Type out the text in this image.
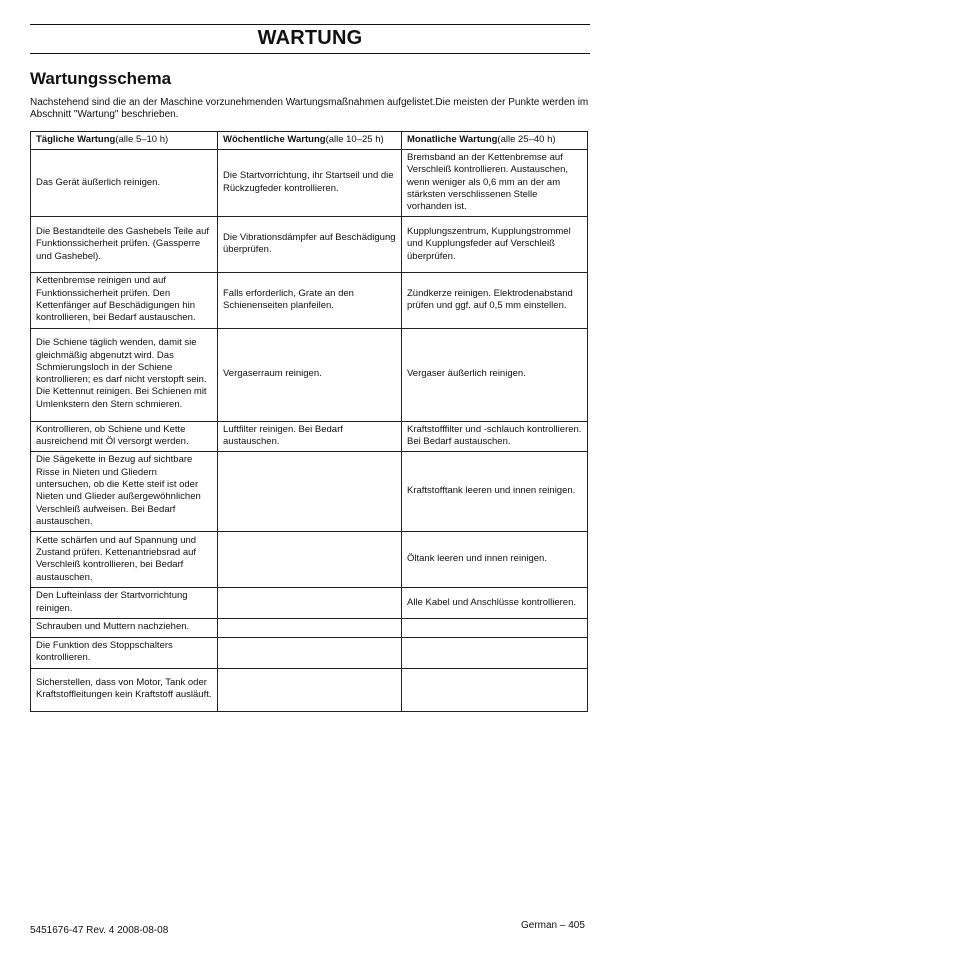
WARTUNG
Wartungsschema
Nachstehend sind die an der Maschine vorzunehmenden Wartungsmaßnahmen aufgelistet.Die meisten der Punkte werden im Abschnitt "Wartung" beschrieben.
Tägliche Wartung(alle 5–10 h)	Wöchentliche Wartung(alle 10–25 h)	Monatliche Wartung(alle 25–40 h)
Das Gerät äußerlich reinigen.	Die Startvorrichtung, ihr Startseil und die Rückzugfeder kontrollieren.	Bremsband an der Kettenbremse auf Verschleiß kontrollieren. Austauschen, wenn weniger als 0,6 mm an der am stärksten verschlissenen Stelle vorhanden ist.
Die Bestandteile des Gashebels Teile auf Funktionssicherheit prüfen. (Gassperre und Gashebel).	Die Vibrationsdämpfer auf Beschädigung überprüfen.	Kupplungszentrum, Kupplungstrommel und Kupplungsfeder auf Verschleiß überprüfen.
Kettenbremse reinigen und auf Funktionssicherheit prüfen. Den Kettenfänger auf Beschädigungen hin kontrollieren, bei Bedarf austauschen.	Falls erforderlich, Grate an den Schienenseiten planfeilen.	Zündkerze reinigen. Elektrodenabstand prüfen und ggf. auf 0,5 mm einstellen.
Die Schiene täglich wenden, damit sie gleichmäßig abgenutzt wird. Das Schmierungsloch in der Schiene kontrollieren; es darf nicht verstopft sein. Die Kettennut reinigen. Bei Schienen mit Umlenkstern den Stern schmieren.	Vergaserraum reinigen.	Vergaser äußerlich reinigen.
Kontrollieren, ob Schiene und Kette ausreichend mit Öl versorgt werden.	Luftfilter reinigen. Bei Bedarf austauschen.	Kraftstofffilter und -schlauch kontrollieren. Bei Bedarf austauschen.
Die Sägekette in Bezug auf sichtbare Risse in Nieten und Gliedern untersuchen, ob die Kette steif ist oder Nieten und Glieder außergewöhnlichen Verschleiß aufweisen. Bei Bedarf austauschen.		Kraftstofftank leeren und innen reinigen.
Kette schärfen und auf Spannung und Zustand prüfen. Kettenantriebsrad auf Verschleiß kontrollieren, bei Bedarf austauschen.		Öltank leeren und innen reinigen.
Den Lufteinlass der Startvorrichtung reinigen.		Alle Kabel und Anschlüsse kontrollieren.
Schrauben und Muttern nachziehen.		
Die Funktion des Stoppschalters kontrollieren.		
Sicherstellen, dass von Motor, Tank oder Kraftstoffleitungen kein Kraftstoff ausläuft.		
5451676-47 Rev. 4 2008-08-08	German – 405
